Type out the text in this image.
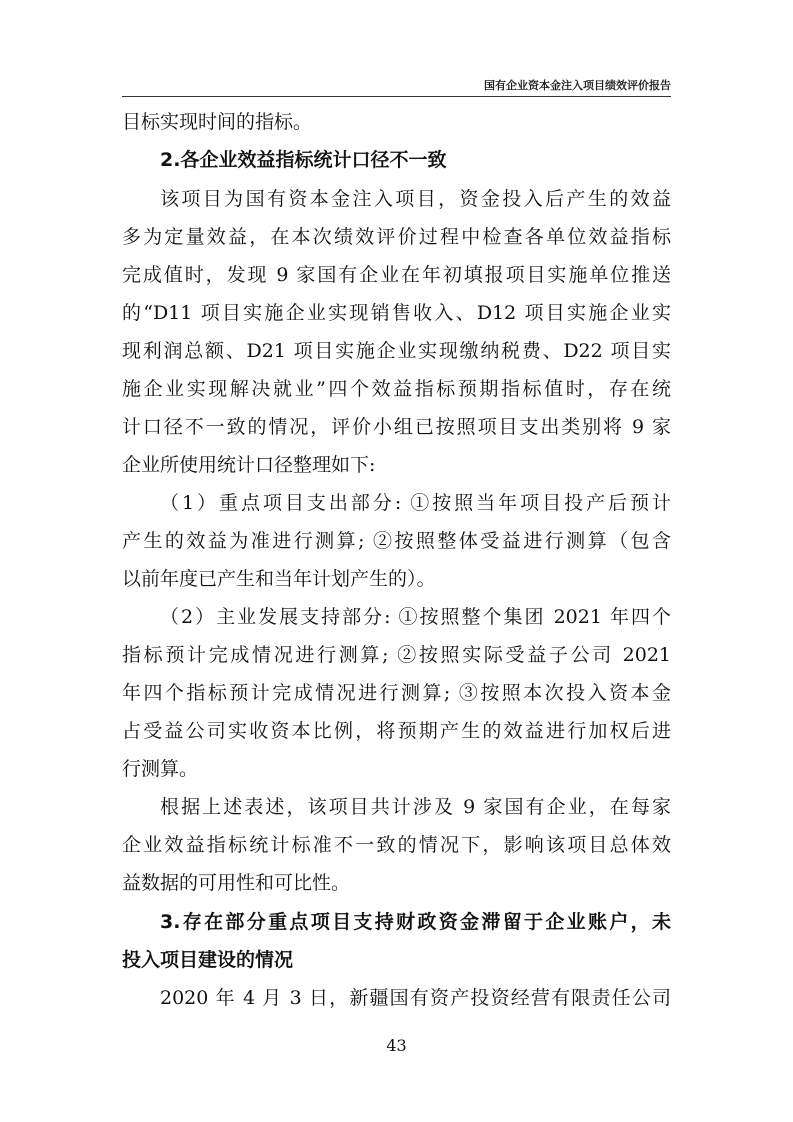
国有企业资本金注入项目绩效评价报告
目标实现时间的指标。
2.各企业效益指标统计口径不一致
该项目为国有资本金注入项目，资金投入后产生的效益
多为定量效益，在本次绩效评价过程中检查各单位效益指标
完成值时，发现 9 家国有企业在年初填报项目实施单位推送
的“D11 项目实施企业实现销售收入、D12 项目实施企业实
现利润总额、D21 项目实施企业实现缴纳税费、D22 项目实
施企业实现解决就业”四个效益指标预期指标值时，存在统
计口径不一致的情况，评价小组已按照项目支出类别将 9 家
企业所使用统计口径整理如下:
（1）重点项目支出部分: ①按照当年项目投产后预计
产生的效益为准进行测算; ②按照整体受益进行测算（包含
以前年度已产生和当年计划产生的）。
（2）主业发展支持部分: ①按照整个集团 2021 年四个
指标预计完成情况进行测算; ②按照实际受益子公司 2021
年四个指标预计完成情况进行测算; ③按照本次投入资本金
占受益公司实收资本比例，将预期产生的效益进行加权后进
行测算。
根据上述表述，该项目共计涉及 9 家国有企业，在每家
企业效益指标统计标准不一致的情况下，影响该项目总体效
益数据的可用性和可比性。
3.存在部分重点项目支持财政资金滞留于企业账户，未
投入项目建设的情况
2020 年 4 月 3 日，新疆国有资产投资经营有限责任公司
43
